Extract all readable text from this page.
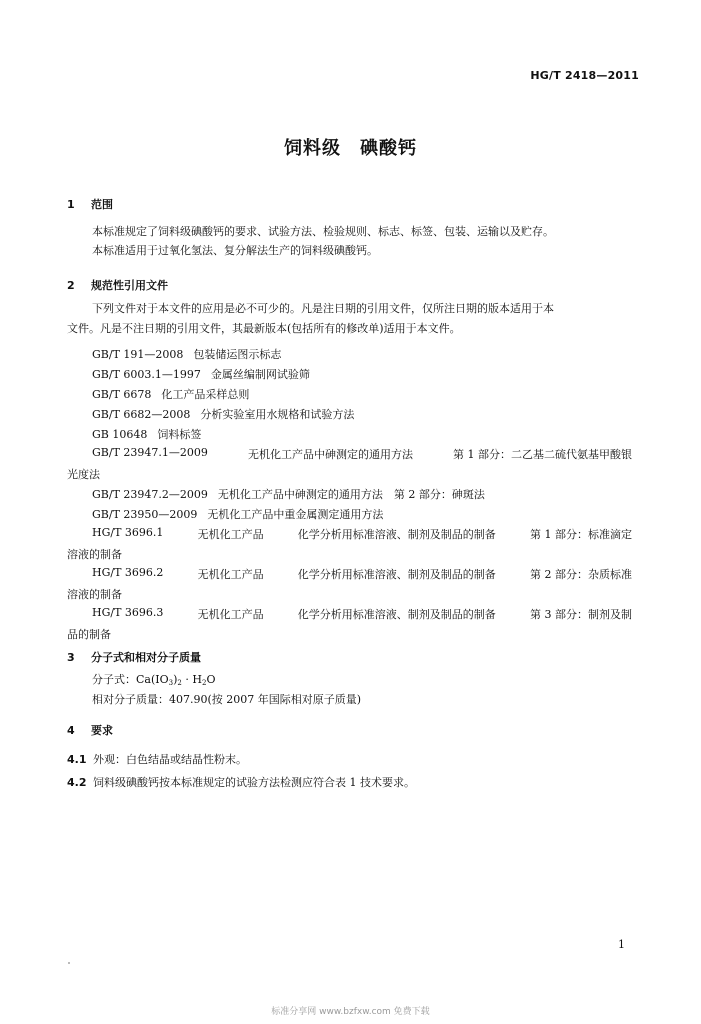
HG/T 2418—2011
饲料级　碘酸钙
1 范围
本标准规定了饲料级碘酸钙的要求、试验方法、检验规则、标志、标签、包装、运输以及贮存。
本标准适用于过氧化氢法、复分解法生产的饲料级碘酸钙。
2 规范性引用文件
下列文件对于本文件的应用是必不可少的。凡是注日期的引用文件，仅所注日期的版本适用于本
文件。凡是不注日期的引用文件，其最新版本(包括所有的修改单)适用于本文件。
GB/T 191—2008 包装储运图示标志
GB/T 6003.1—1997 金属丝编制网试验筛
GB/T 6678 化工产品采样总则
GB/T 6682—2008 分析实验室用水规格和试验方法
GB 10648 饲料标签
GB/T 23947.1—2009	无机化工产品中砷测定的通用方法	第 1 部分：二乙基二硫代氨基甲酸银
光度法
GB/T 23947.2—2009 无机化工产品中砷测定的通用方法　第 2 部分：砷斑法
GB/T 23950—2009 无机化工产品中重金属测定通用方法
HG/T 3696.1	无机化工产品	化学分析用标准溶液、制剂及制品的制备	第 1 部分：标准滴定
溶液的制备
HG/T 3696.2	无机化工产品	化学分析用标准溶液、制剂及制品的制备	第 2 部分：杂质标准
溶液的制备
HG/T 3696.3	无机化工产品	化学分析用标准溶液、制剂及制品的制备	第 3 部分：制剂及制
品的制备
3 分子式和相对分子质量
分子式：$Ca(IO_3)_2 \cdot H_2O$
相对分子质量：407.90(按 2007 年国际相对原子质量)
4 要求
4.1 外观：白色结晶或结晶性粉末。
4.2 饲料级碘酸钙按本标准规定的试验方法检测应符合表 1 技术要求。
1
标准分享网 www.bzfxw.com 免费下载
